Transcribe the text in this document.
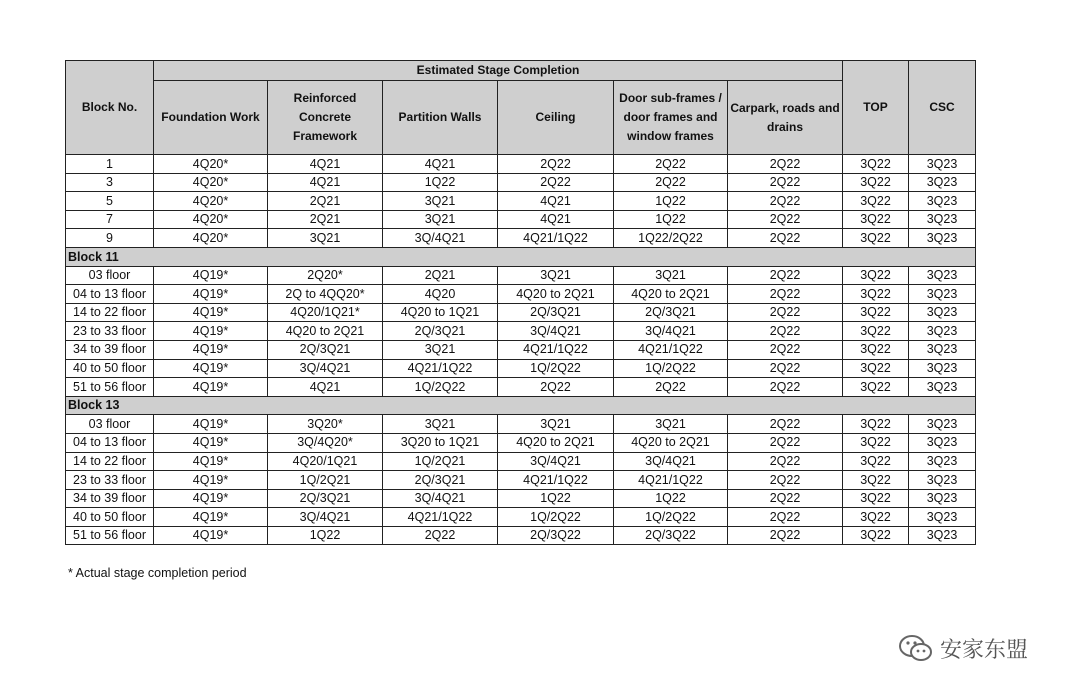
Block No.	Estimated Stage Completion						TOP	CSC
	Foundation Work	Reinforced Concrete Framework	Partition Walls	Ceiling	Door sub-frames / door frames and window frames	Carpark, roads and drains		
1	4Q20*	4Q21	4Q21	2Q22	2Q22	2Q22	3Q22	3Q23
3	4Q20*	4Q21	1Q22	2Q22	2Q22	2Q22	3Q22	3Q23
5	4Q20*	2Q21	3Q21	4Q21	1Q22	2Q22	3Q22	3Q23
7	4Q20*	2Q21	3Q21	4Q21	1Q22	2Q22	3Q22	3Q23
9	4Q20*	3Q21	3Q/4Q21	4Q21/1Q22	1Q22/2Q22	2Q22	3Q22	3Q23
Block 11								
03 floor	4Q19*	2Q20*	2Q21	3Q21	3Q21	2Q22	3Q22	3Q23
04 to 13 floor	4Q19*	2Q to 4QQ20*	4Q20	4Q20 to 2Q21	4Q20 to 2Q21	2Q22	3Q22	3Q23
14 to 22 floor	4Q19*	4Q20/1Q21*	4Q20 to 1Q21	2Q/3Q21	2Q/3Q21	2Q22	3Q22	3Q23
23 to 33 floor	4Q19*	4Q20 to 2Q21	2Q/3Q21	3Q/4Q21	3Q/4Q21	2Q22	3Q22	3Q23
34 to 39 floor	4Q19*	2Q/3Q21	3Q21	4Q21/1Q22	4Q21/1Q22	2Q22	3Q22	3Q23
40 to 50 floor	4Q19*	3Q/4Q21	4Q21/1Q22	1Q/2Q22	1Q/2Q22	2Q22	3Q22	3Q23
51 to 56 floor	4Q19*	4Q21	1Q/2Q22	2Q22	2Q22	2Q22	3Q22	3Q23
Block 13								
03 floor	4Q19*	3Q20*	3Q21	3Q21	3Q21	2Q22	3Q22	3Q23
04 to 13 floor	4Q19*	3Q/4Q20*	3Q20 to 1Q21	4Q20 to 2Q21	4Q20 to 2Q21	2Q22	3Q22	3Q23
14 to 22 floor	4Q19*	4Q20/1Q21	1Q/2Q21	3Q/4Q21	3Q/4Q21	2Q22	3Q22	3Q23
23 to 33 floor	4Q19*	1Q/2Q21	2Q/3Q21	4Q21/1Q22	4Q21/1Q22	2Q22	3Q22	3Q23
34 to 39 floor	4Q19*	2Q/3Q21	3Q/4Q21	1Q22	1Q22	2Q22	3Q22	3Q23
40 to 50 floor	4Q19*	3Q/4Q21	4Q21/1Q22	1Q/2Q22	1Q/2Q22	2Q22	3Q22	3Q23
51 to 56 floor	4Q19*	1Q22	2Q22	2Q/3Q22	2Q/3Q22	2Q22	3Q22	3Q23
* Actual stage completion period
安家东盟
